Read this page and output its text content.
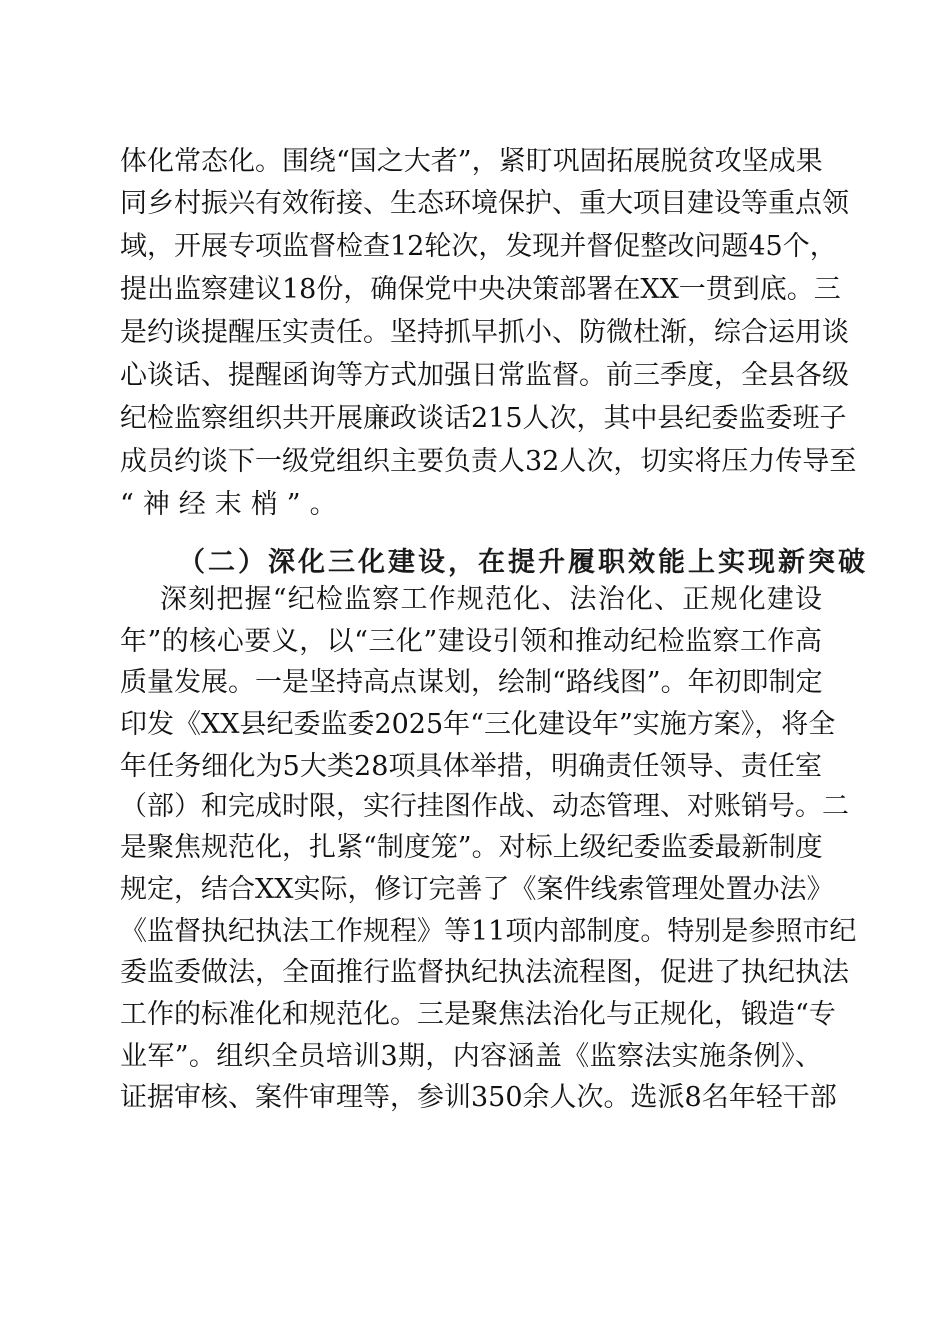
体化常态化。围绕“国之大者”，紧盯巩固拓展脱贫攻坚成果
同乡村振兴有效衔接、生态环境保护、重大项目建设等重点领
域，开展专项监督检查12轮次，发现并督促整改问题45个，
提出监察建议18份，确保党中央决策部署在XX一贯到底。三
是约谈提醒压实责任。坚持抓早抓小、防微杜渐，综合运用谈
心谈话、提醒函询等方式加强日常监督。前三季度，全县各级
纪检监察组织共开展廉政谈话215人次，其中县纪委监委班子
成员约谈下一级党组织主要负责人32人次，切实将压力传导至
“神经末梢”。
（二）深化三化建设，在提升履职效能上实现新突破
深刻把握“纪检监察工作规范化、法治化、正规化建设
年”的核心要义，以“三化”建设引领和推动纪检监察工作高
质量发展。一是坚持高点谋划，绘制“路线图”。年初即制定
印发《XX县纪委监委2025年“三化建设年”实施方案》，将全
年任务细化为5大类28项具体举措，明确责任领导、责任室
（部）和完成时限，实行挂图作战、动态管理、对账销号。二
是聚焦规范化，扎紧“制度笼”。对标上级纪委监委最新制度
规定，结合XX实际，修订完善了《案件线索管理处置办法》
《监督执纪执法工作规程》等11项内部制度。特别是参照市纪
委监委做法，全面推行监督执纪执法流程图，促进了执纪执法
工作的标准化和规范化。三是聚焦法治化与正规化，锻造“专
业军”。组织全员培训3期，内容涵盖《监察法实施条例》、
证据审核、案件审理等，参训350余人次。选派8名年轻干部
